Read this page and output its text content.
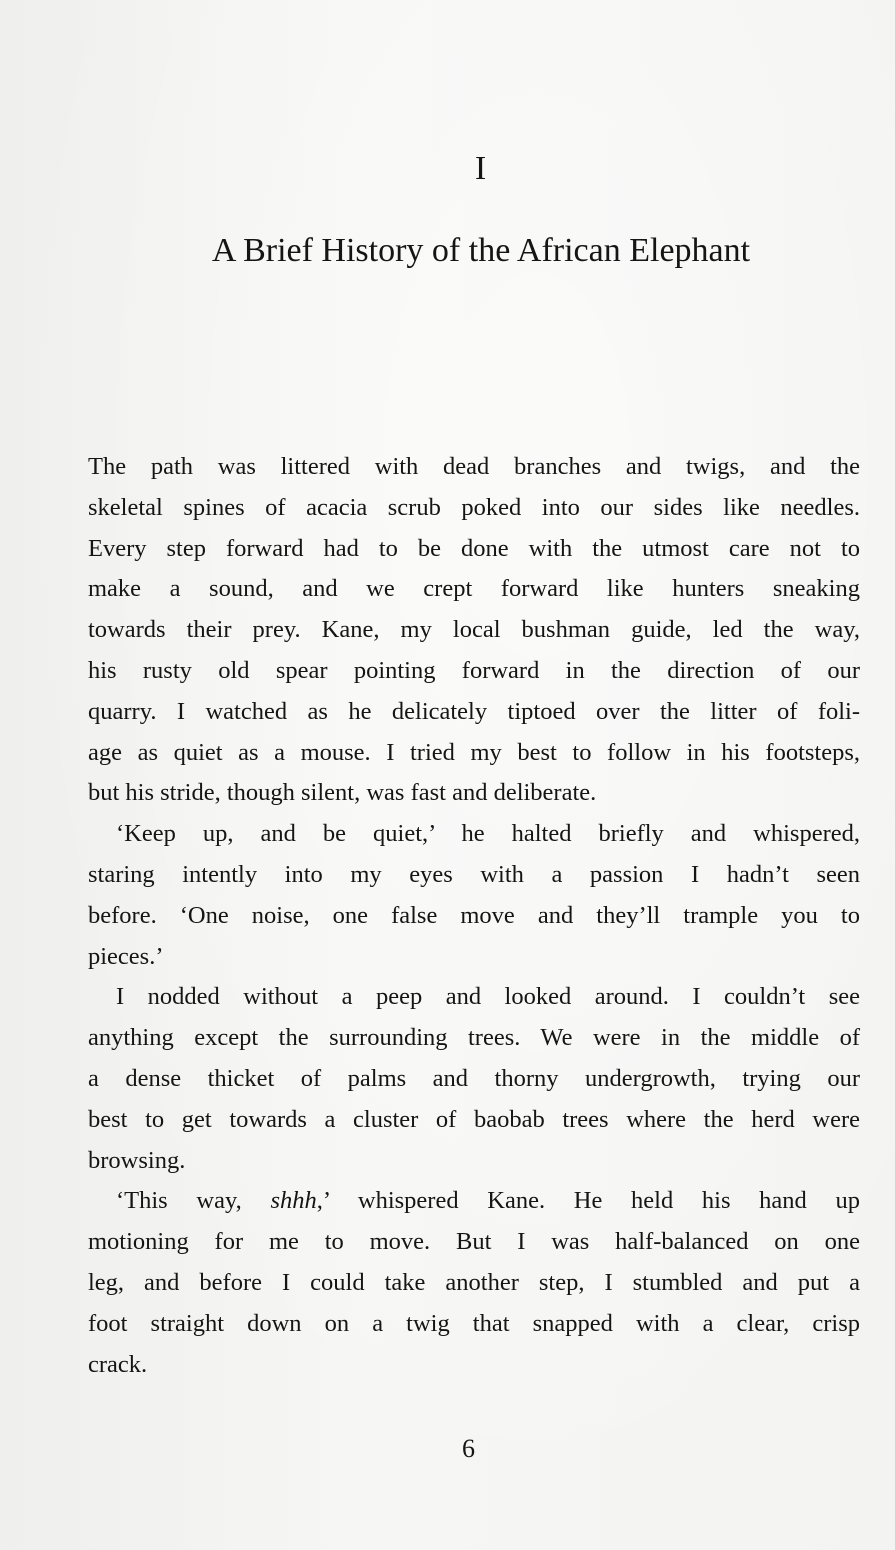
I
A Brief History of the African Elephant

The path was littered with dead branches and twigs, and the
skeletal spines of acacia scrub poked into our sides like needles.
Every step forward had to be done with the utmost care not to
make a sound, and we crept forward like hunters sneaking
towards their prey. Kane, my local bushman guide, led the way,
his rusty old spear pointing forward in the direction of our
quarry. I watched as he delicately tiptoed over the litter of foli-
age as quiet as a mouse. I tried my best to follow in his footsteps,
but his stride, though silent, was fast and deliberate.

‘Keep up, and be quiet,’ he halted briefly and whispered,
staring intently into my eyes with a passion I hadn’t seen
before. ‘One noise, one false move and they’ll trample you to
pieces.’

I nodded without a peep and looked around. I couldn’t see
anything except the surrounding trees. We were in the middle of
a dense thicket of palms and thorny undergrowth, trying our
best to get towards a cluster of baobab trees where the herd were
browsing.

‘This way, shhh,’ whispered Kane. He held his hand up
motioning for me to move. But I was half-balanced on one
leg, and before I could take another step, I stumbled and put a
foot straight down on a twig that snapped with a clear, crisp
crack.

6
